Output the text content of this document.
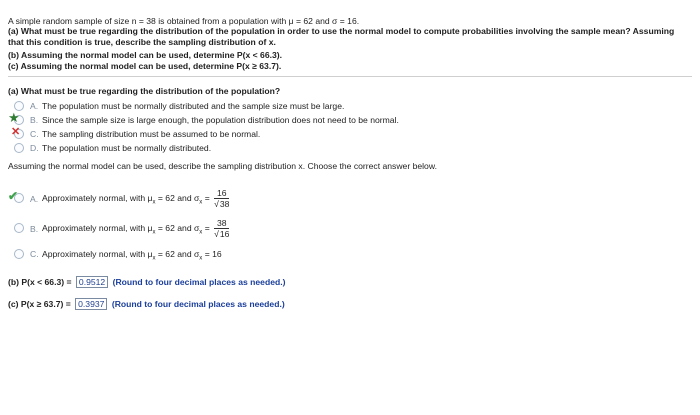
A simple random sample of size n = 38 is obtained from a population with μ = 62 and σ = 16.
(a) What must be true regarding the distribution of the population in order to use the normal model to compute probabilities involving the sample mean? Assuming
that this condition is true, describe the sampling distribution of x.
(b) Assuming the normal model can be used, determine P(x < 66.3).
(c) Assuming the normal model can be used, determine P(x ≥ 63.7).
(a) What must be true regarding the distribution of the population?
A. The population must be normally distributed and the sample size must be large.
★ B. Since the sample size is large enough, the population distribution does not need to be normal.
✕ C. The sampling distribution must be assumed to be normal.
D. The population must be normally distributed.
Assuming the normal model can be used, describe the sampling distribution x. Choose the correct answer below.
✔ A. Approximately normal, with $\mu_x = 62$ and $\sigma_x = \frac{16}{√38}$
B. Approximately normal, with $\mu_x = 62$ and $\sigma_x = \frac{38}{√16}$
C. Approximately normal, with $\mu_x = 62$ and $\sigma_x = 16$
(b) P(x < 66.3) = 0.9512 (Round to four decimal places as needed.)
(c) P(x ≥ 63.7) = 0.3937 (Round to four decimal places as needed.)
